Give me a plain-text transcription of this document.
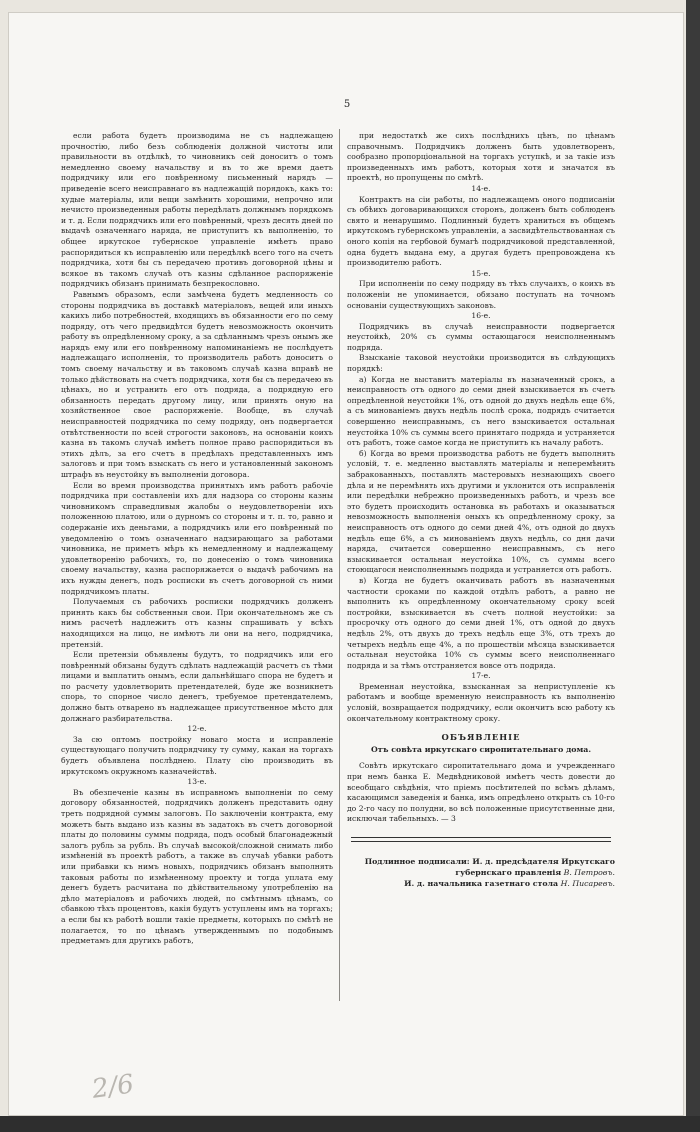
5

если работа будетъ производима не съ надлежащею прочностію, либо безъ соблюденія должной чистоты или правильности въ отдѣлкѣ, то чиновникъ сей доноситъ о томъ немедленно своему начальству и въ то же время даетъ подрядчику или его повѣренному письменный нарядъ — приведеніе всего неисправнаго въ надлежащій порядокъ, какъ то: худые матеріалы, или вещи замѣнить хорошими, непрочно или нечисто произведенныя работы передѣлать должнымъ порядкомъ и т. д. Если подрядчикъ или его повѣренный, чрезъ десять дней по выдачѣ означеннаго наряда, не приступитъ къ выполненію, то общее иркутское губернское управленіе имѣетъ право распорядиться къ исправленію или передѣлкѣ всего того на счетъ подрядчика, хотя бы съ передачею противъ договорной цѣны и всякое въ такомъ случаѣ отъ казны сдѣланное распоряженіе подрядчикъ обязанъ принимать безпрекословно.

Равнымъ образомъ, если замѣчена будетъ медленность со стороны подрядчика въ доставкѣ матеріаловъ, вещей или иныхъ какихъ либо потребностей, входящихъ въ обязанности его по сему подряду, отъ чего предвидѣтся будетъ невозможность окончить работу въ опредѣленному сроку, а за сдѣланнымъ чрезъ онымъ же нарядъ ему или его повѣренному напоминаніемъ не послѣдуетъ надлежащаго исполненія, то производитель работъ доноситъ о томъ своему начальству и въ таковомъ случаѣ казна вправѣ не только дѣйствовать на счетъ подрядчика, хотя бы съ передачею въ цѣнахъ, но и устранить его отъ подряда, а подрядную его обязанность передать другому лицу, или принять оную на хозяйственное свое распоряженіе. Вообще, въ случаѣ неисправностей подрядчика по сему подряду, онъ подвергается отвѣтственности по всей строгости законовъ, на основаніи коихъ казна въ такомъ случаѣ имѣетъ полное право распорядиться въ этихъ дѣлъ, за его счетъ в предѣлахъ представленныхъ имъ залоговъ и при томъ взыскать съ него и установленный закономъ штрафъ въ неустойку въ выполненіи договора.

Если во время производства принятыхъ имъ работъ рабочіе подрядчика при составленіи ихъ для надзора со стороны казны чиновникомъ справедливыя жалобы о неудовлетвореніи ихъ положенною платою, или о дурномъ со стороны и т. п. то, равно и содержаніе ихъ деньгами, а подрядчикъ или его повѣренный по уведомленію о томъ означеннаго надзирающаго за работами чиновника, не приметъ мѣръ къ немедленному и надлежащему удовлетворенію рабочихъ, то, по донесенію о томъ чиновника своему начальству, казна распоряжается о выдачѣ рабочимъ на ихъ нужды денегъ, подъ росписки въ счетъ договорной съ ними подрядчикомъ платы.

Получаемыя съ рабочихъ росписки подрядчикъ долженъ принять какъ бы собственныя свои. При окончательномъ же съ нимъ расчетѣ надлежитъ отъ казны спрашивать у всѣхъ находящихся на лицо, не имѣютъ ли они на него, подрядчика, претензій.

Если претензіи объявлены будутъ, то подрядчикъ или его повѣренный обязаны будутъ сдѣлать надлежащій расчетъ съ тѣми лицами и выплатить онымъ, если дальнѣйшаго спора не будетъ и по расчету удовлетворить претендателей, буде же возникнетъ спорь, то спорное число денегъ, требуемое претендателемъ, должно быть отварено въ надлежащее присутственное мѣсто для должнаго разбирательства.

12-е.

За сю оптомъ постройку новаго моста и исправленіе существующаго получить подрядчику ту сумму, какая на торгахъ будетъ объявлена послѣднею. Плату сію производить въ иркутскомъ окружномъ казначействѣ.

13-е.

Въ обезпеченіе казны въ исправномъ выполненіи по сему договору обязанностей, подрядчикъ долженъ представить одну треть подрядной суммы залоговъ. По заключеніи контракта, ему можетъ быть выдано изъ казны въ задатокъ въ счетъ договорной платы до половины суммы подряда, подъ особый благонадежный залогъ рубль за рубль. Въ случаѣ высокой/сложной снимать либо измѣненій въ проектѣ работъ, а также въ случаѣ убавки работъ или прибавки къ нимъ новыхъ, подрядчикъ обязанъ выполнять таковыя работы по измѣненному проекту и тогда уплата ему денегъ будетъ расчитана по дѣйствительному употребленію на дѣло матеріаловъ и рабочихъ людей, по смѣтнымъ цѣнамъ, со сбавкою тѣхъ процентовъ, какія будутъ уступлены имъ на торгахъ; а если бы къ работѣ вошли такіе предметы, которыхъ по смѣтѣ не полагается, то по цѣнамъ утвержденнымъ по подобнымъ предметамъ для другихъ работъ,

при недостаткѣ же сихъ послѣднихъ цѣнъ, по цѣнамъ справочнымъ. Подрядчикъ долженъ быть удовлетворенъ, сообразно пропорціональной на торгахъ уступкѣ, и за такіе изъ произведенныхъ имъ работъ, которыя хотя и значатся въ проектѣ, но пропущены по смѣтѣ.

14-е.

Контрактъ на сіи работы, по надлежащемъ оного подписаніи съ обѣихъ договаривающихся сторонъ, долженъ быть соблюденъ свято и ненарушимо. Подлинный будетъ храниться въ общемъ иркутскомъ губернскомъ управленіи, а засвидѣтельствованная съ оного копія на гербовой бумагѣ подрядчиковой представленной, одна будетъ выдана ему, а другая будетъ препровождена къ производителю работъ.

15-е.

При исполненіи по сему подряду въ тѣхъ случаяхъ, о коихъ въ положеніи не упоминается, обязано поступать на точномъ основаніи существующихъ законовъ.

16-е.

Подрядчикъ въ случаѣ неисправности подвергается неустойкѣ, 20% съ суммы остающагося неисполненнымъ подряда.

Взысканіе таковой неустойки производится въ слѣдующихъ порядкѣ:

а) Когда не выставитъ матеріалы въ назначенный срокъ, а неисправность отъ одного до семи дней взыскивается въ счетъ опредѣленной неустойки 1%, отъ одной до двухъ недѣль еще 6%, а съ минованіемъ двухъ недѣль послѣ срока, подрядъ считается совершенно неисправнымъ, съ него взыскивается остальная неустойка 10% съ суммы всего принятаго подряда и устраняется отъ работъ, тоже самое когда не приступитъ къ началу работъ.

б) Когда во время производства работъ не будетъ выполнять условій, т. е. медленно выставлять матеріалы и неперемѣнять забракованныхъ, поставлять мастеровыхъ незнающихъ своего дѣла и не перемѣнять ихъ другими и уклонится отъ исправленія или передѣлки небрежно произведенныхъ работъ, и чрезъ все это будетъ происходить остановка въ работахъ и оказываться невозможность выполненія оныхъ къ опредѣленному сроку, за неисправность отъ одного до семи дней 4%, отъ одной до двухъ недѣль еще 6%, а съ минованіемъ двухъ недѣль, со дня дачи наряда, считается совершенно неисправнымъ, съ него взыскивается остальная неустойка 10%, съ суммы всего стоющагося неисполненнымъ подряда и устраняется отъ работъ.

в) Когда не будетъ оканчивать работъ въ назначенныя частности сроками по каждой отдѣлъ работъ, а равно не выполнить къ опредѣленному окончательному сроку всей постройки, взыскивается въ счетъ полной неустойки: за просрочку отъ одного до семи дней 1%, отъ одной до двухъ недѣль 2%, отъ двухъ до трехъ недѣль еще 3%, отъ трехъ до четырехъ недѣль еще 4%, а по прошествіи мѣсяца взыскивается остальная неустойка 10% съ суммы всего неисполненнаго подряда и за тѣмъ отстраняется вовсе отъ подряда.

17-е.

Временная неустойка, взысканная за неприступленіе къ работамъ и вообще временную неисправность къ выполненію условій, возвращается подрядчику, если окончитъ всю работу къ окончательному контрактному сроку.

ОБЪЯВЛЕНІЕ
Отъ совѣта иркутскаго сиропитательнаго дома.

Совѣтъ иркутскаго сиропитательнаго дома и учрежденнаго при немъ банка Е. Медвѣдниковой имѣетъ честь довести до всеобщаго свѣдѣнія, что пріемъ посѣтителей по всѣмъ дѣламъ, касающимся заведенія и банка, имъ опредѣлено открыть съ 10-го до 2-го часу по полудни, во всѣ положенные присутственные дни, исключая табельныхъ. — 3

Подлинное подписали: И. д. предсѣдателя Иркутскаго губернскаго правленія В. Петровъ.
И. д. начальника газетнаго стола Н. Писаревъ.
2/6
